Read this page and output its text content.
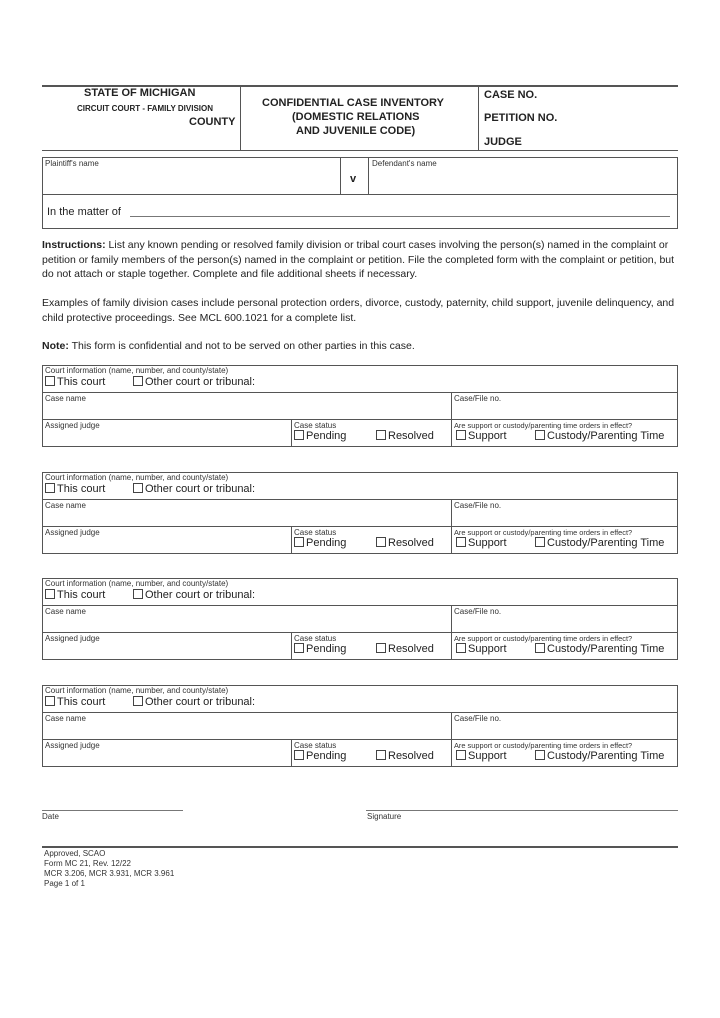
STATE OF MICHIGAN
CIRCUIT COURT - FAMILY DIVISION
COUNTY
CONFIDENTIAL CASE INVENTORY
(DOMESTIC RELATIONS
AND JUVENILE CODE)
CASE NO.
PETITION NO.
JUDGE
Plaintiff's name
v
Defendant's name
In the matter of
Instructions: List any known pending or resolved family division or tribal court cases involving the person(s) named in the complaint or petition or family members of the person(s) named in the complaint or petition. File the completed form with the complaint or petition, but do not attach or staple together. Complete and file additional sheets if necessary.
Examples of family division cases include personal protection orders, divorce, custody, paternity, child support, juvenile delinquency, and child protective proceedings. See MCL 600.1021 for a complete list.
Note: This form is confidential and not to be served on other parties in this case.
Court information (name, number, and county/state)
This court	Other court or tribunal:
Case name	Case/File no.
Assigned judge	Case status
Pending	Resolved
Are support or custody/parenting time orders in effect?
Support	Custody/Parenting Time
Court information (name, number, and county/state)
This court	Other court or tribunal:
Case name	Case/File no.
Assigned judge	Case status
Pending	Resolved
Are support or custody/parenting time orders in effect?
Support	Custody/Parenting Time
Court information (name, number, and county/state)
This court	Other court or tribunal:
Case name	Case/File no.
Assigned judge	Case status
Pending	Resolved
Are support or custody/parenting time orders in effect?
Support	Custody/Parenting Time
Court information (name, number, and county/state)
This court	Other court or tribunal:
Case name	Case/File no.
Assigned judge	Case status
Pending	Resolved
Are support or custody/parenting time orders in effect?
Support	Custody/Parenting Time
Date	Signature
Approved, SCAO
Form MC 21, Rev. 12/22
MCR 3.206, MCR 3.931, MCR 3.961
Page 1 of 1
